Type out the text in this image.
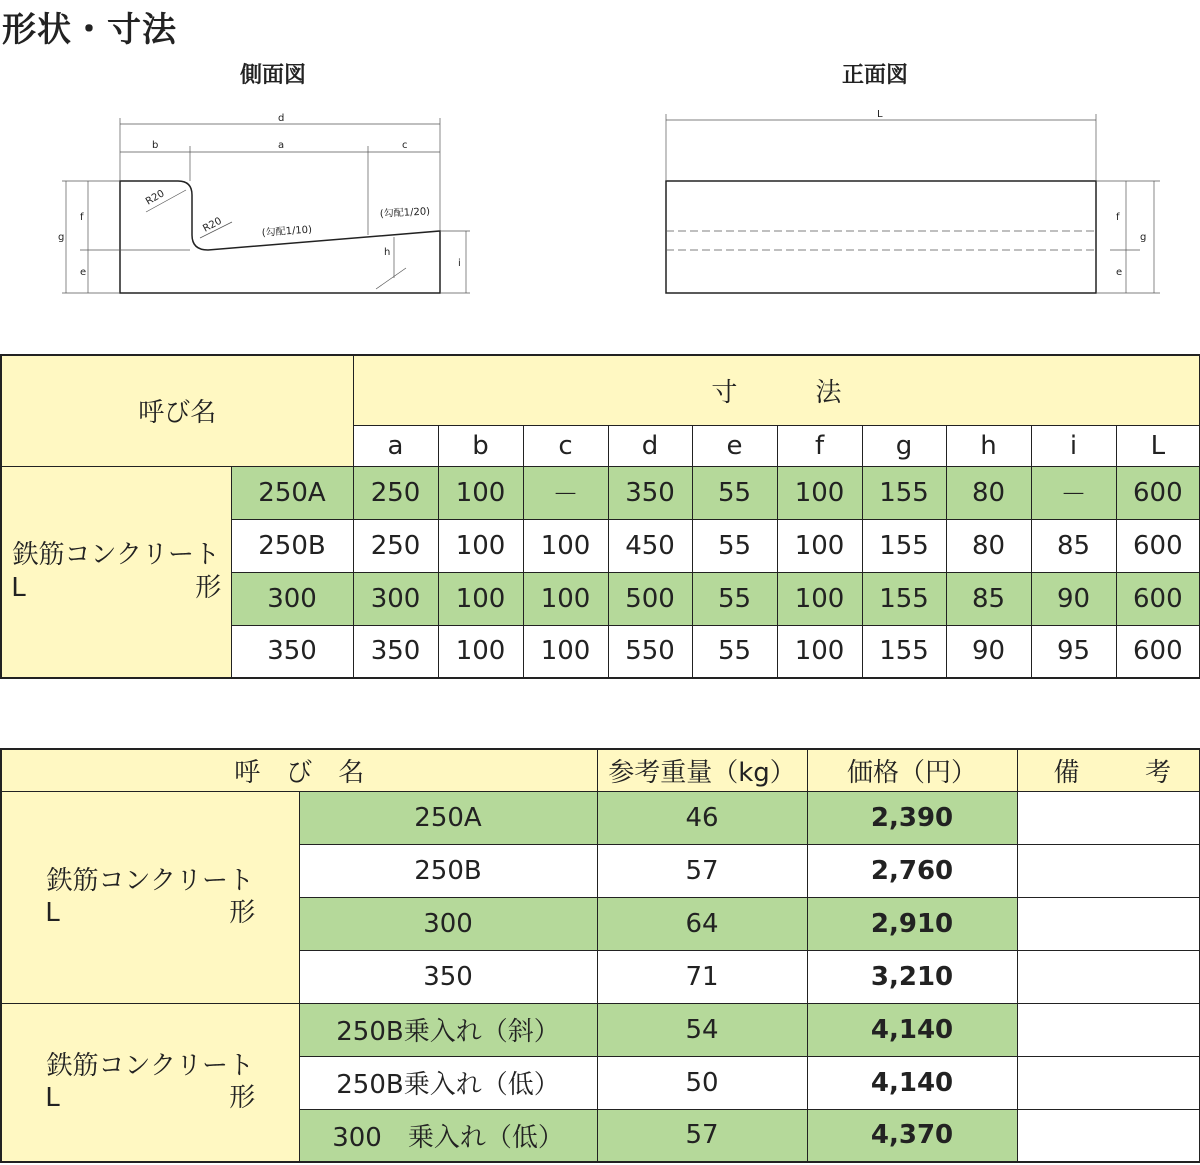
形状・寸法
側面図	正面図
d
b	a	c
g
f
e
h
i
R20
R20	(勾配1/10)
(勾配1/20)
L
f
g
e
呼び名		寸　　　法									
		a	b	c	d	e	f	g	h	i	L

鉄筋コンクリート
L 形	250A	250	100	－	350	55	100	155	80	－	600
	250B	250	100	100	450	55	100	155	80	85	600
	300	300	100	100	500	55	100	155	85	90	600
	350	350	100	100	550	55	100	155	90	95	600
呼　び　名		参考重量（kg）	価格（円）	備 考

鉄筋コンクリート
L 形	250A	46	2,390	
	250B	57	2,760	
	300	64	2,910	
	350	71	3,210	

鉄筋コンクリート
L 形	250B乗入れ（斜）	54	4,140	
	250B乗入れ（低）	50	4,140	
	300　乗入れ（低）	57	4,370	
